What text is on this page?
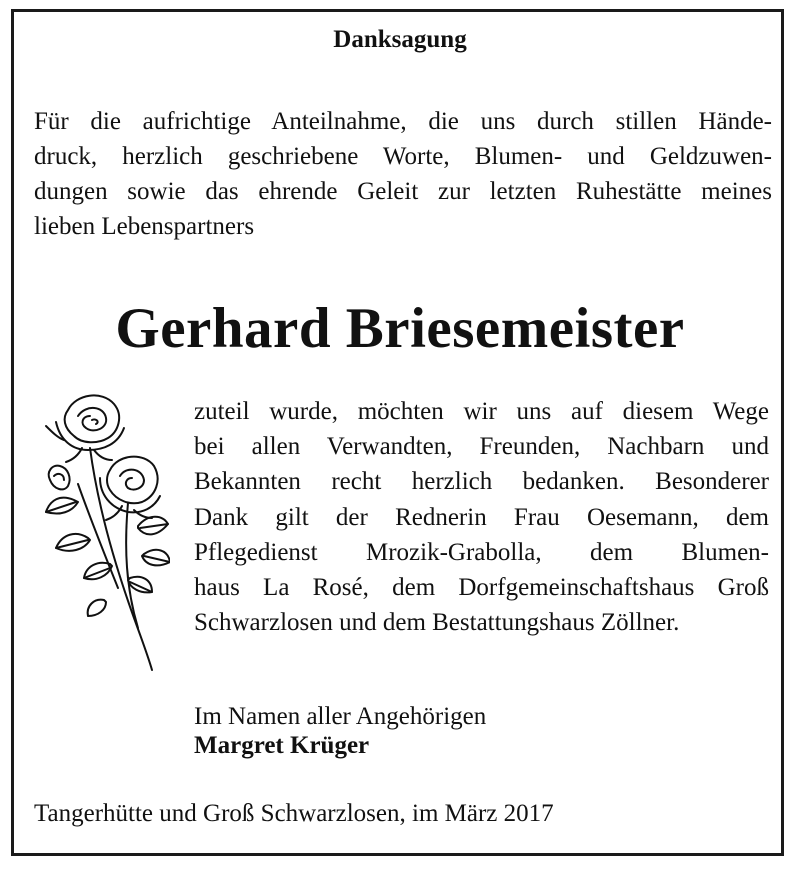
Danksagung

Für die aufrichtige Anteilnahme, die uns durch stillen Hände-
druck, herzlich geschriebene Worte, Blumen- und Geldzuwen-
dungen sowie das ehrende Geleit zur letzten Ruhestätte meines
lieben Lebenspartners

Gerhard Briesemeister

zuteil wurde, möchten wir uns auf diesem Wege
bei allen Verwandten, Freunden, Nachbarn und
Bekannten recht herzlich bedanken. Besonderer
Dank gilt der Rednerin Frau Oesemann, dem
Pflegedienst Mrozik-Grabolla, dem Blumen-
haus La Rosé, dem Dorfgemeinschaftshaus Groß
Schwarzlosen und dem Bestattungshaus Zöllner.

Im Namen aller Angehörigen

Margret Krüger

Tangerhütte und Groß Schwarzlosen, im März 2017
